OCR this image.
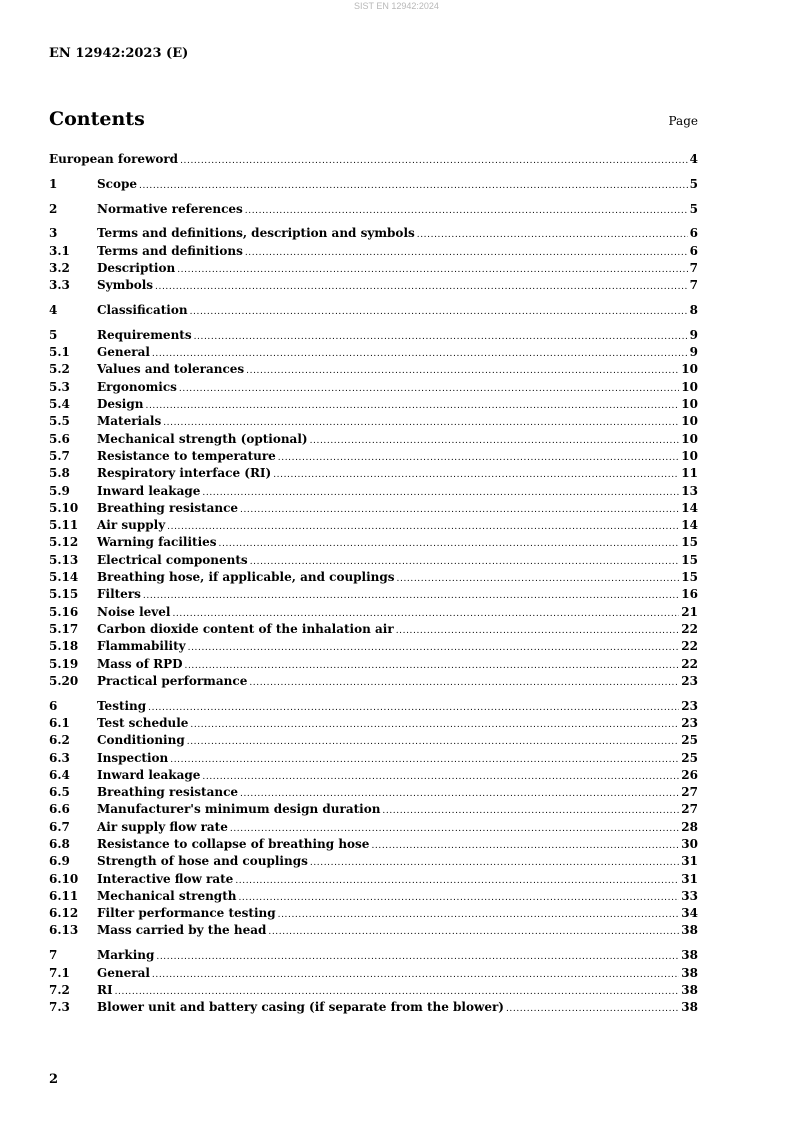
SIST EN 12942:2024
EN 12942:2023 (E)
Contents	Page
European foreword .....	4
1	Scope .....	5
2	Normative references .....	5
3	Terms and definitions, description and symbols .....	6
3.1	Terms and definitions .....	6
3.2	Description .....	7
3.3	Symbols .....	7
4	Classification .....	8
5	Requirements .....	9
5.1	General .....	9
5.2	Values and tolerances .....	10
5.3	Ergonomics .....	10
5.4	Design .....	10
5.5	Materials .....	10
5.6	Mechanical strength (optional) .....	10
5.7	Resistance to temperature .....	10
5.8	Respiratory interface (RI) .....	11
5.9	Inward leakage .....	13
5.10	Breathing resistance .....	14
5.11	Air supply .....	14
5.12	Warning facilities .....	15
5.13	Electrical components .....	15
5.14	Breathing hose, if applicable, and couplings .....	15
5.15	Filters .....	16
5.16	Noise level .....	21
5.17	Carbon dioxide content of the inhalation air .....	22
5.18	Flammability .....	22
5.19	Mass of RPD .....	22
5.20	Practical performance .....	23
6	Testing .....	23
6.1	Test schedule .....	23
6.2	Conditioning .....	25
6.3	Inspection .....	25
6.4	Inward leakage .....	26
6.5	Breathing resistance .....	27
6.6	Manufacturer's minimum design duration .....	27
6.7	Air supply flow rate .....	28
6.8	Resistance to collapse of breathing hose .....	30
6.9	Strength of hose and couplings .....	31
6.10	Interactive flow rate .....	31
6.11	Mechanical strength .....	33
6.12	Filter performance testing .....	34
6.13	Mass carried by the head .....	38
7	Marking .....	38
7.1	General .....	38
7.2	RI .....	38
7.3	Blower unit and battery casing (if separate from the blower) .....	38
2
